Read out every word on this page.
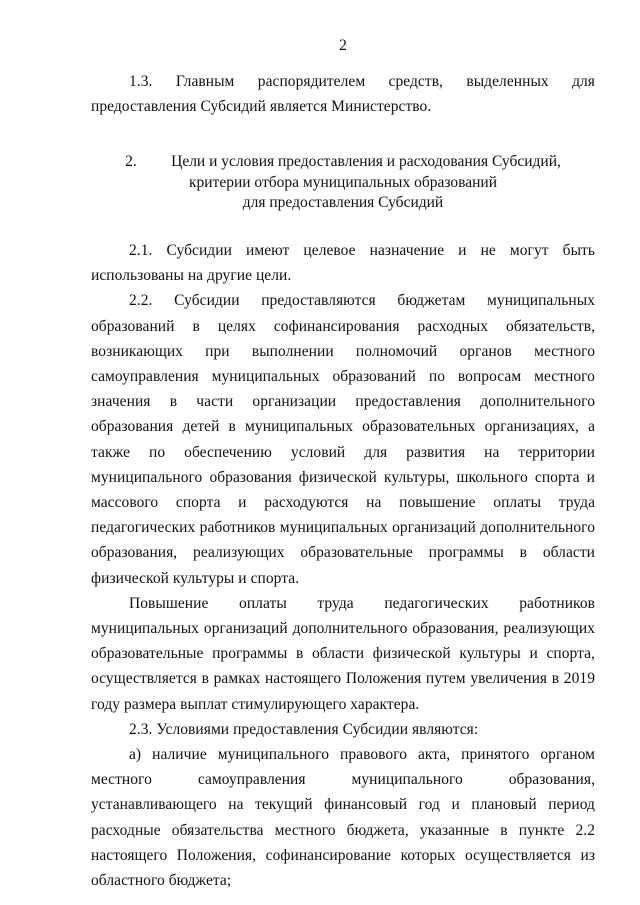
2

1.3. Главным распорядителем средств, выделенных для предоставления Субсидий является Министерство.

2. Цели и условия предоставления и расходования Субсидий,
критерии отбора муниципальных образований
для предоставления Субсидий

2.1. Субсидии имеют целевое назначение и не могут быть использованы на другие цели.

2.2. Субсидии предоставляются бюджетам муниципальных образований в целях софинансирования расходных обязательств, возникающих при выполнении полномочий органов местного самоуправления муниципальных образований по вопросам местного значения в части организации предоставления дополнительного образования детей в муниципальных образовательных организациях, а также по обеспечению условий для развития на территории муниципального образования физической культуры, школьного спорта и массового спорта и расходуются на повышение оплаты труда педагогических работников муниципальных организаций дополнительного образования, реализующих образовательные программы в области физической культуры и спорта.

Повышение оплаты труда педагогических работников муниципальных организаций дополнительного образования, реализующих образовательные программы в области физической культуры и спорта, осуществляется в рамках настоящего Положения путем увеличения в 2019 году размера выплат стимулирующего характера.

2.3. Условиями предоставления Субсидии являются:

а) наличие муниципального правового акта, принятого органом местного самоуправления муниципального образования, устанавливающего на текущий финансовый год и плановый период расходные обязательства местного бюджета, указанные в пункте 2.2 настоящего Положения, софинансирование которых осуществляется из областного бюджета;
